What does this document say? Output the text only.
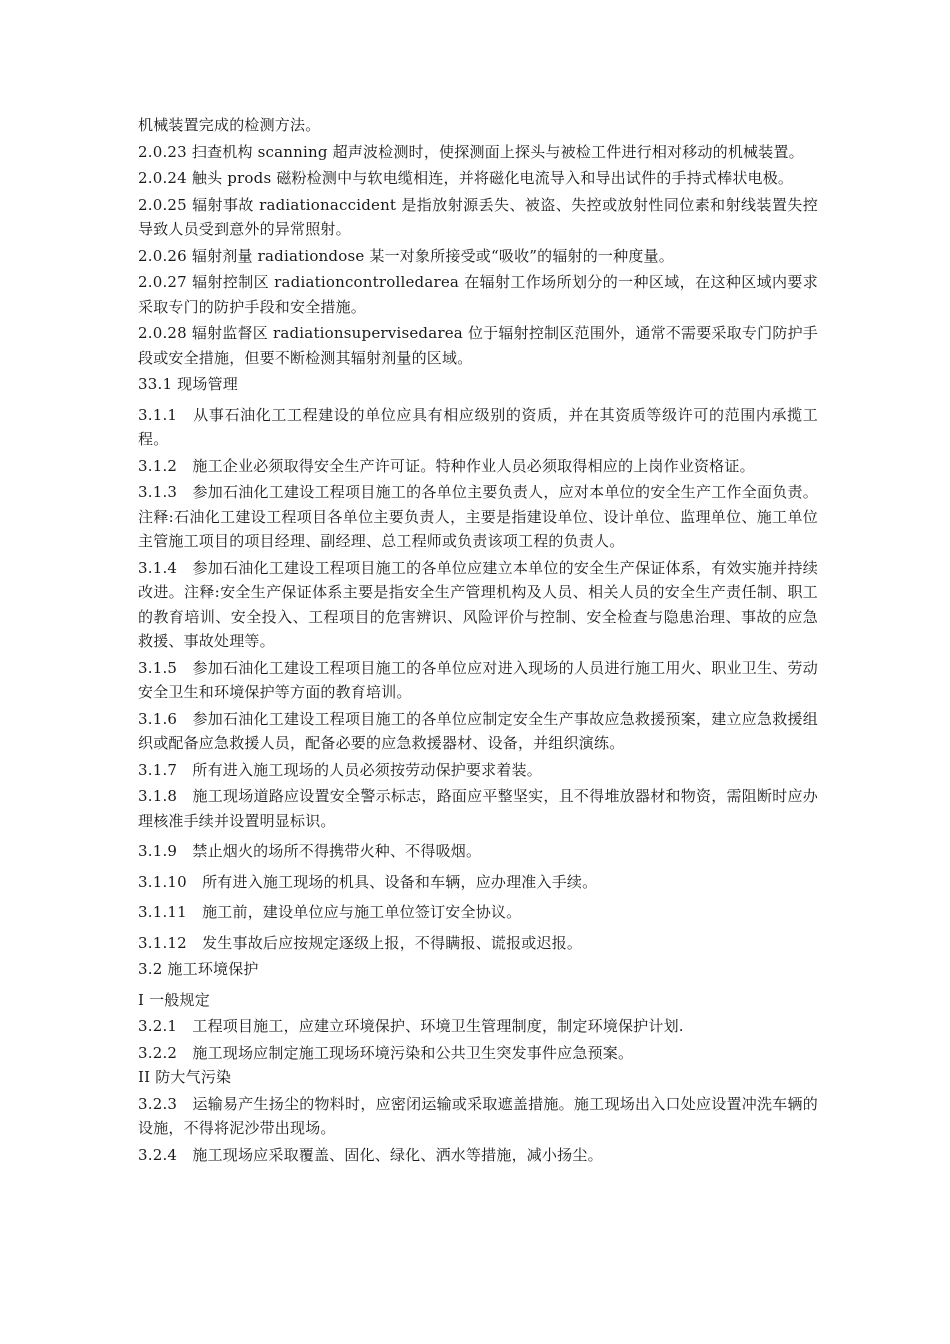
机械装置完成的检测方法。

2.0.23 扫查机构 scanning 超声波检测时，使探测面上探头与被检工件进行相对移动的机械装置。

2.0.24 触头 prods 磁粉检测中与软电缆相连，并将磁化电流导入和导出试件的手持式棒状电极。

2.0.25 辐射事故 radiationaccident 是指放射源丢失、被盗、失控或放射性同位素和射线装置失控导致人员受到意外的异常照射。

2.0.26 辐射剂量 radiationdose 某一对象所接受或“吸收”的辐射的一种度量。

2.0.27 辐射控制区 radiationcontrolledarea 在辐射工作场所划分的一种区域，在这种区域内要求采取专门的防护手段和安全措施。

2.0.28 辐射监督区 radiationsupervisedarea 位于辐射控制区范围外，通常不需要采取专门防护手段或安全措施，但要不断检测其辐射剂量的区域。

33.1 现场管理

3.1.1　从事石油化工工程建设的单位应具有相应级别的资质，并在其资质等级许可的范围内承揽工程。

3.1.2　施工企业必须取得安全生产许可证。特种作业人员必须取得相应的上岗作业资格证。

3.1.3　参加石油化工建设工程项目施工的各单位主要负责人，应对本单位的安全生产工作全面负责。注释:石油化工建设工程项目各单位主要负责人，主要是指建设单位、设计单位、监理单位、施工单位主管施工项目的项目经理、副经理、总工程师或负责该项工程的负责人。

3.1.4　参加石油化工建设工程项目施工的各单位应建立本单位的安全生产保证体系，有效实施并持续改进。注释:安全生产保证体系主要是指安全生产管理机构及人员、相关人员的安全生产责任制、职工的教育培训、安全投入、工程项目的危害辨识、风险评价与控制、安全检查与隐患治理、事故的应急救援、事故处理等。

3.1.5　参加石油化工建设工程项目施工的各单位应对进入现场的人员进行施工用火、职业卫生、劳动安全卫生和环境保护等方面的教育培训。

3.1.6　参加石油化工建设工程项目施工的各单位应制定安全生产事故应急救援预案，建立应急救援组织或配备应急救援人员，配备必要的应急救援器材、设备，并组织演练。

3.1.7　所有进入施工现场的人员必须按劳动保护要求着装。

3.1.8　施工现场道路应设置安全警示标志，路面应平整坚实，且不得堆放器材和物资，需阻断时应办理核准手续并设置明显标识。

3.1.9　禁止烟火的场所不得携带火种、不得吸烟。

3.1.10　所有进入施工现场的机具、设备和车辆，应办理准入手续。

3.1.11　施工前，建设单位应与施工单位签订安全协议。

3.1.12　发生事故后应按规定逐级上报，不得瞒报、谎报或迟报。

3.2 施工环境保护

I 一般规定

3.2.1　工程项目施工，应建立环境保护、环境卫生管理制度，制定环境保护计划.

3.2.2　施工现场应制定施工现场环境污染和公共卫生突发事件应急预案。

II 防大气污染

3.2.3　运输易产生扬尘的物料时，应密闭运输或采取遮盖措施。施工现场出入口处应设置冲洗车辆的设施，不得将泥沙带出现场。

3.2.4　施工现场应采取覆盖、固化、绿化、洒水等措施，减小扬尘。
